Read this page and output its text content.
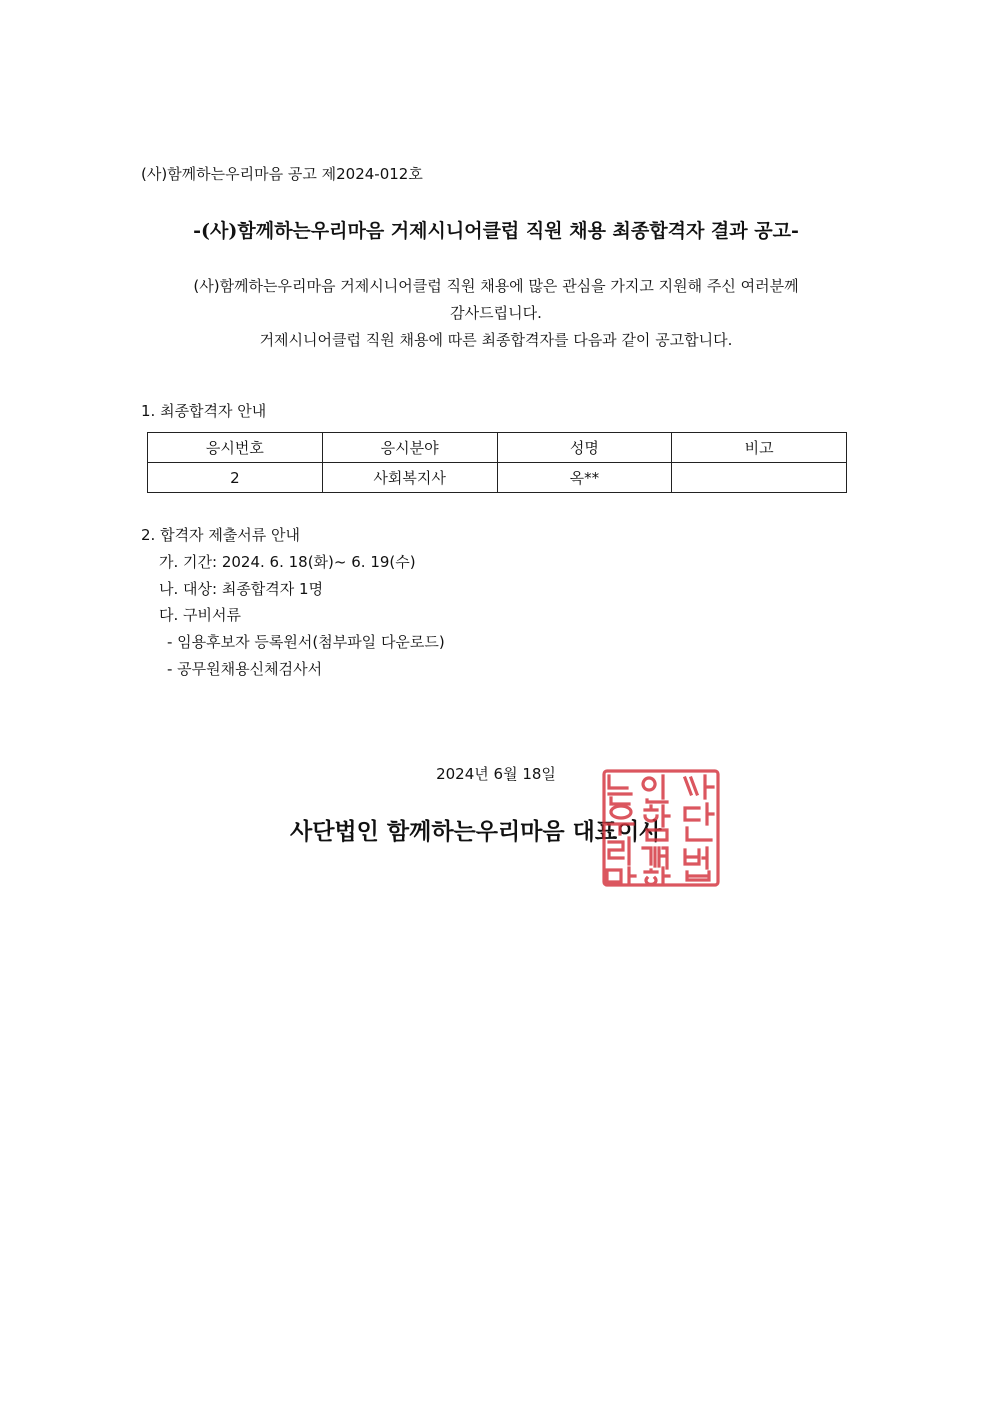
(사)함께하는우리마음 공고 제2024-012호
-(사)함께하는우리마음 거제시니어클럽 직원 채용 최종합격자 결과 공고-
(사)함께하는우리마음 거제시니어클럽 직원 채용에 많은 관심을 가지고 지원해 주신 여러분께
감사드립니다.
거제시니어클럽 직원 채용에 따른 최종합격자를 다음과 같이 공고합니다.
1. 최종합격자 안내
응시번호	응시분야	성명	비고
2	사회복지사	옥**	
2. 합격자 제출서류 안내
가. 기간: 2024. 6. 18(화)~ 6. 19(수)
나. 대상: 최종합격자 1명
다. 구비서류
- 임용후보자 등록원서(첨부파일 다운로드)
- 공무원채용신체검사서
2024년 6월 18일
사단법인 함께하는우리마음 대표이사
